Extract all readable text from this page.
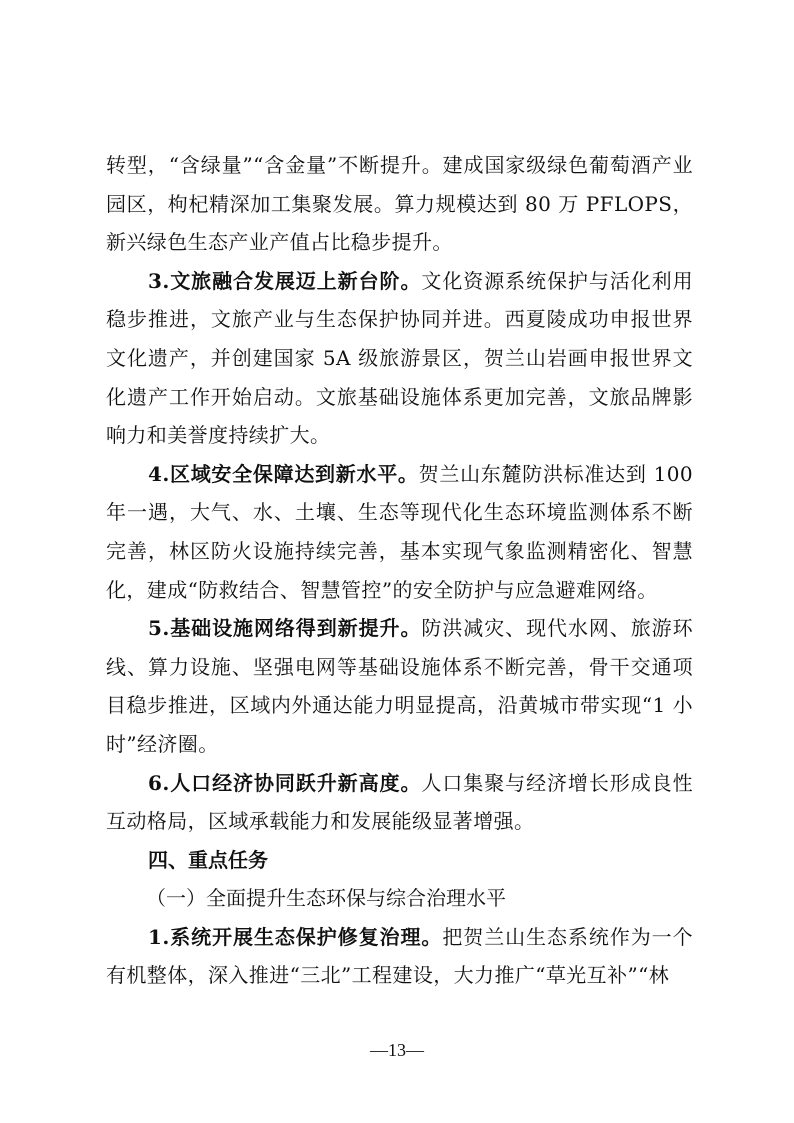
转型，“含绿量”“含金量”不断提升。建成国家级绿色葡萄酒产业园区，枸杞精深加工集聚发展。算力规模达到 80 万 PFLOPS，新兴绿色生态产业产值占比稳步提升。

3.文旅融合发展迈上新台阶。文化资源系统保护与活化利用稳步推进，文旅产业与生态保护协同并进。西夏陵成功申报世界文化遗产，并创建国家 5A 级旅游景区，贺兰山岩画申报世界文化遗产工作开始启动。文旅基础设施体系更加完善，文旅品牌影响力和美誉度持续扩大。

4.区域安全保障达到新水平。贺兰山东麓防洪标准达到 100 年一遇，大气、水、土壤、生态等现代化生态环境监测体系不断完善，林区防火设施持续完善，基本实现气象监测精密化、智慧化，建成“防救结合、智慧管控”的安全防护与应急避难网络。

5.基础设施网络得到新提升。防洪减灾、现代水网、旅游环线、算力设施、坚强电网等基础设施体系不断完善，骨干交通项目稳步推进，区域内外通达能力明显提高，沿黄城市带实现“1 小时”经济圈。

6.人口经济协同跃升新高度。人口集聚与经济增长形成良性互动格局，区域承载能力和发展能级显著增强。

四、重点任务

（一）全面提升生态环保与综合治理水平

1.系统开展生态保护修复治理。把贺兰山生态系统作为一个有机整体，深入推进“三北”工程建设，大力推广“草光互补”“林

—13—
